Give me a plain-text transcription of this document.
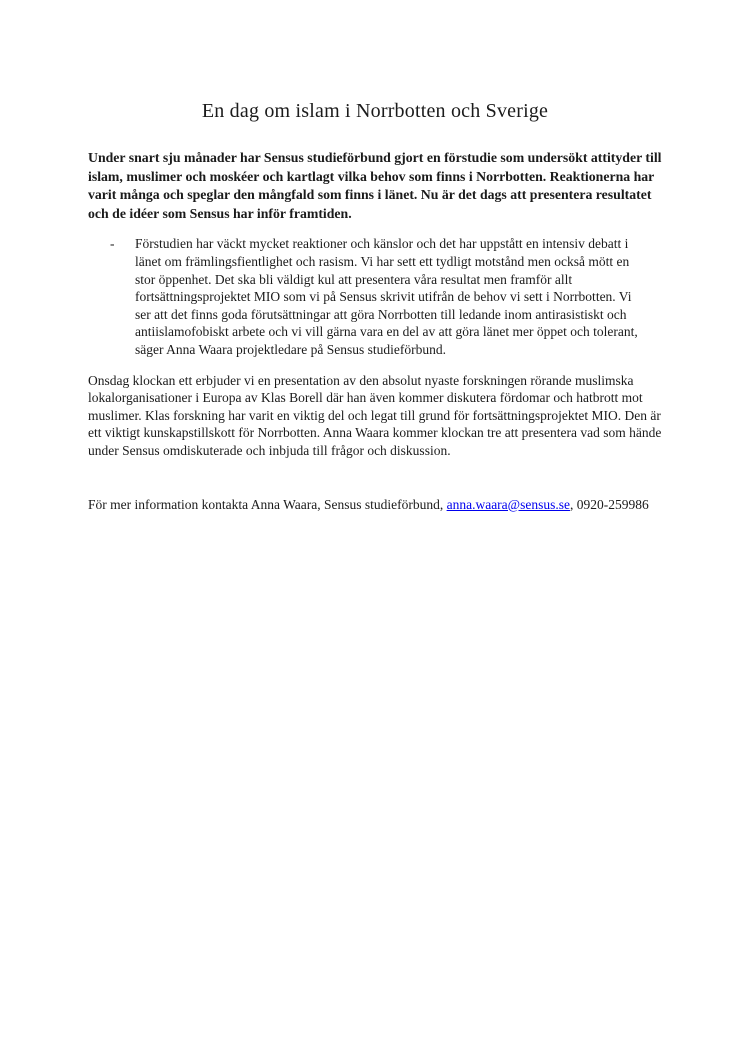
En dag om islam i Norrbotten och Sverige

Under snart sju månader har Sensus studieförbund gjort en förstudie som undersökt attityder till islam, muslimer och moskéer och kartlagt vilka behov som finns i Norrbotten. Reaktionerna har varit många och speglar den mångfald som finns i länet. Nu är det dags att presentera resultatet och de idéer som Sensus har inför framtiden.

-	Förstudien har väckt mycket reaktioner och känslor och det har uppstått en intensiv debatt i länet om främlingsfientlighet och rasism. Vi har sett ett tydligt motstånd men också mött en stor öppenhet. Det ska bli väldigt kul att presentera våra resultat men framför allt fortsättningsprojektet MIO som vi på Sensus skrivit utifrån de behov vi sett i Norrbotten. Vi ser att det finns goda förutsättningar att göra Norrbotten till ledande inom antirasistiskt och antiislamofobiskt arbete och vi vill gärna vara en del av att göra länet mer öppet och tolerant, säger Anna Waara projektledare på Sensus studieförbund.

Onsdag klockan ett erbjuder vi en presentation av den absolut nyaste forskningen rörande muslimska lokalorganisationer i Europa av Klas Borell där han även kommer diskutera fördomar och hatbrott mot muslimer. Klas forskning har varit en viktig del och legat till grund för fortsättningsprojektet MIO. Den är ett viktigt kunskapstillskott för Norrbotten. Anna Waara kommer klockan tre att presentera vad som hände under Sensus omdiskuterade och inbjuda till frågor och diskussion.

För mer information kontakta Anna Waara, Sensus studieförbund, anna.waara@sensus.se, 0920-259986
